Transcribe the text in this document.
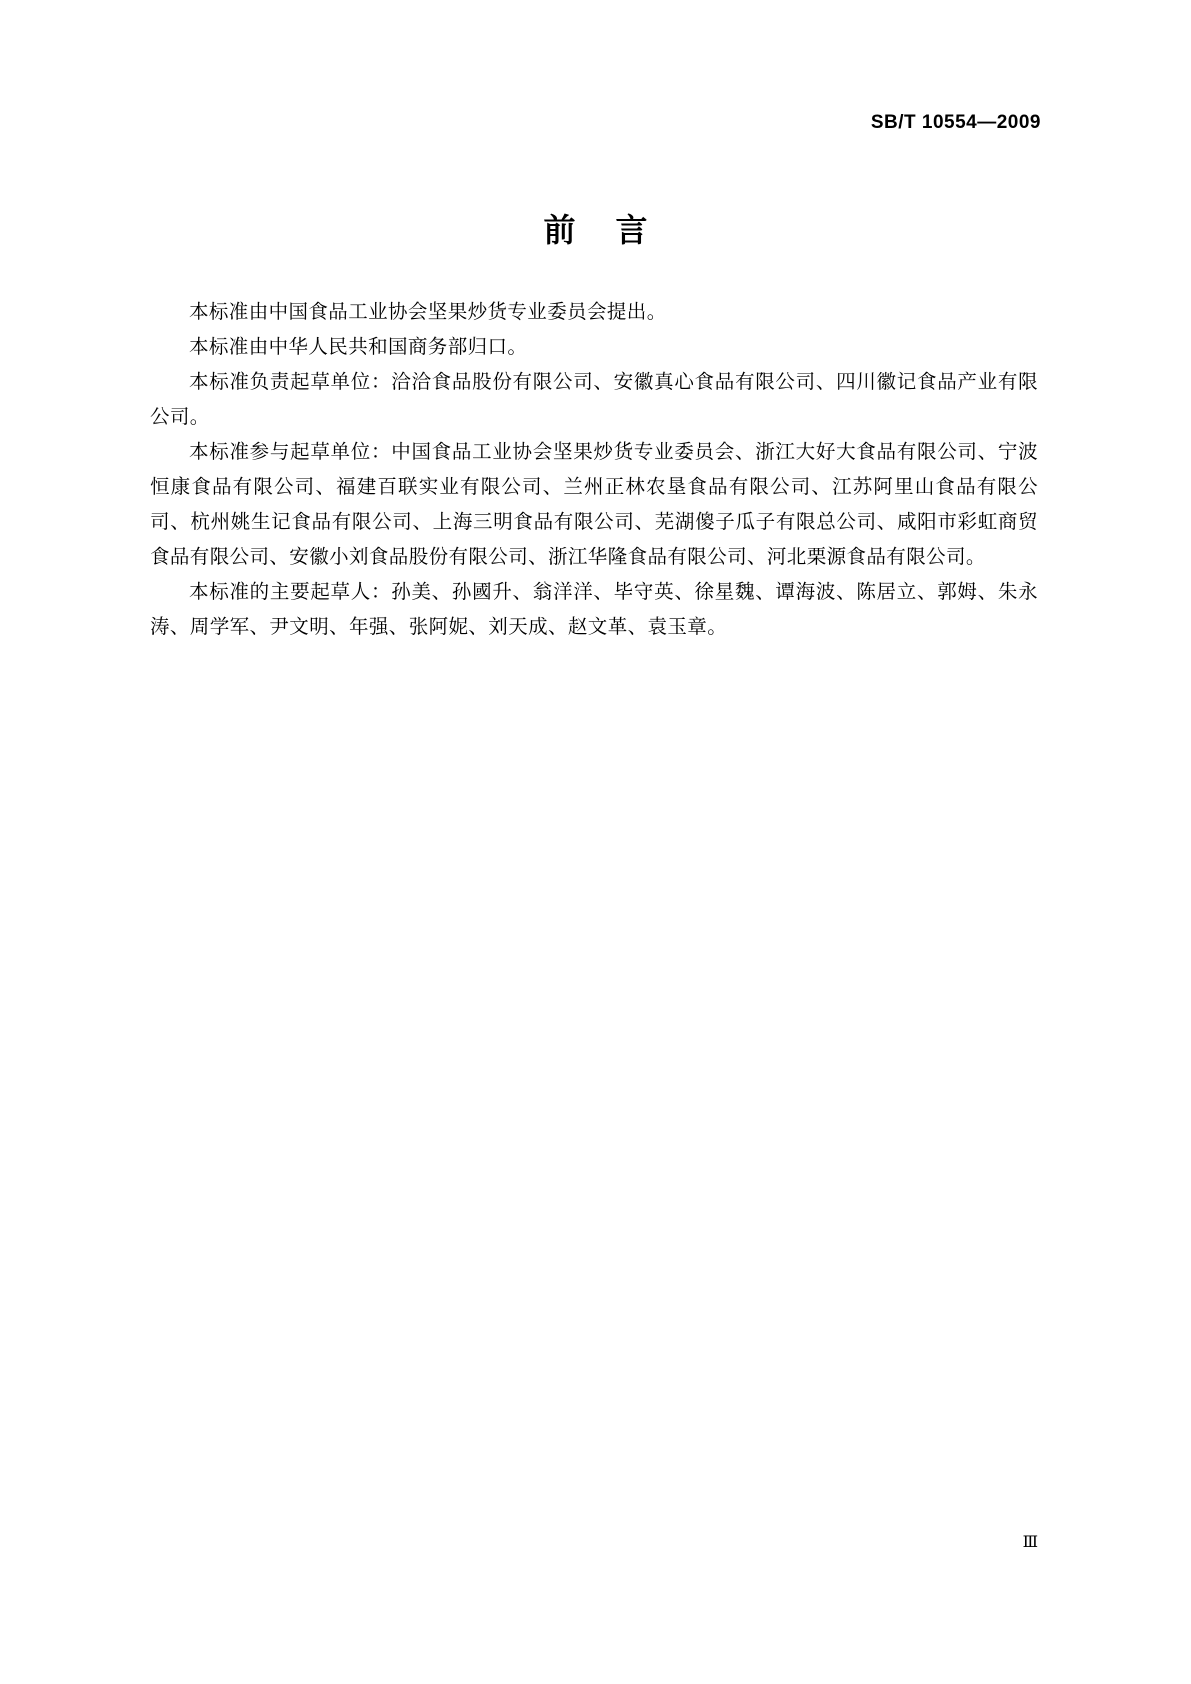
SB/T 10554—2009
前 言

本标准由中国食品工业协会坚果炒货专业委员会提出。

本标准由中华人民共和国商务部归口。

本标准负责起草单位：洽洽食品股份有限公司、安徽真心食品有限公司、四川徽记食品产业有限公司。

本标准参与起草单位：中国食品工业协会坚果炒货专业委员会、浙江大好大食品有限公司、宁波恒康食品有限公司、福建百联实业有限公司、兰州正林农垦食品有限公司、江苏阿里山食品有限公司、杭州姚生记食品有限公司、上海三明食品有限公司、芜湖傻子瓜子有限总公司、咸阳市彩虹商贸食品有限公司、安徽小刘食品股份有限公司、浙江华隆食品有限公司、河北栗源食品有限公司。

本标准的主要起草人：孙美、孙國升、翁洋洋、毕守英、徐星魏、谭海波、陈居立、郭姆、朱永涛、周学军、尹文明、年强、张阿妮、刘天成、赵文革、袁玉章。

Ⅲ
